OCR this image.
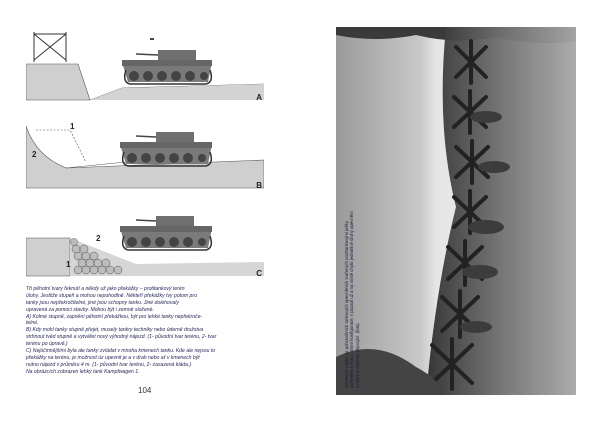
A
1
2
B
2
1
C

Tři pěhotní tvary řeknutí a někdy už jako překážky – protitankový terén

úlohy. Jestliže stupeň a mohou nepohodlně. Někteří překážky tvy potom pro

tanky jsou nepřekročitelné, jiné jsou schopny tanku. Jiné dolehovaly

upravená za pomoci stavby. Mohou být i zemně složené.

A) Kolmé stupně, zapnění pěhotní překážkou, být pro lehké tanky nepřekroče-

telné.

B) Kdy mohl tanky stupně přejet, musely tankry techniky nebo úderně družstva

strhnout tvéd stupně a vytvářet nový výhodný nájezd. (1- původní tvar terénu, 2- tvar

terénu po úpravě.)

C) Nejúčinnějšími byla ale tanky zvládat v mnoha kmenech tanku. Kde ale nejsou to

překážky na terénu, je možnost úz upevnit je a v drah nebo ať v kmenech být

nutno nájezd v průměru 4 m. (1- původní tvar terénu, 2- zasazená kláda.)

Na obrázcích zobrazen lehký tank Kampfwagen 1.

104
Německá vojska na pohraničních tankových opevněních tvořených protitankovými ježky. Vzhledem k tvaru místní konfigurace, v pozadí už a na místě chybí jednotlivé druhy opevnění s místa a všechny zbývající. (foto)
